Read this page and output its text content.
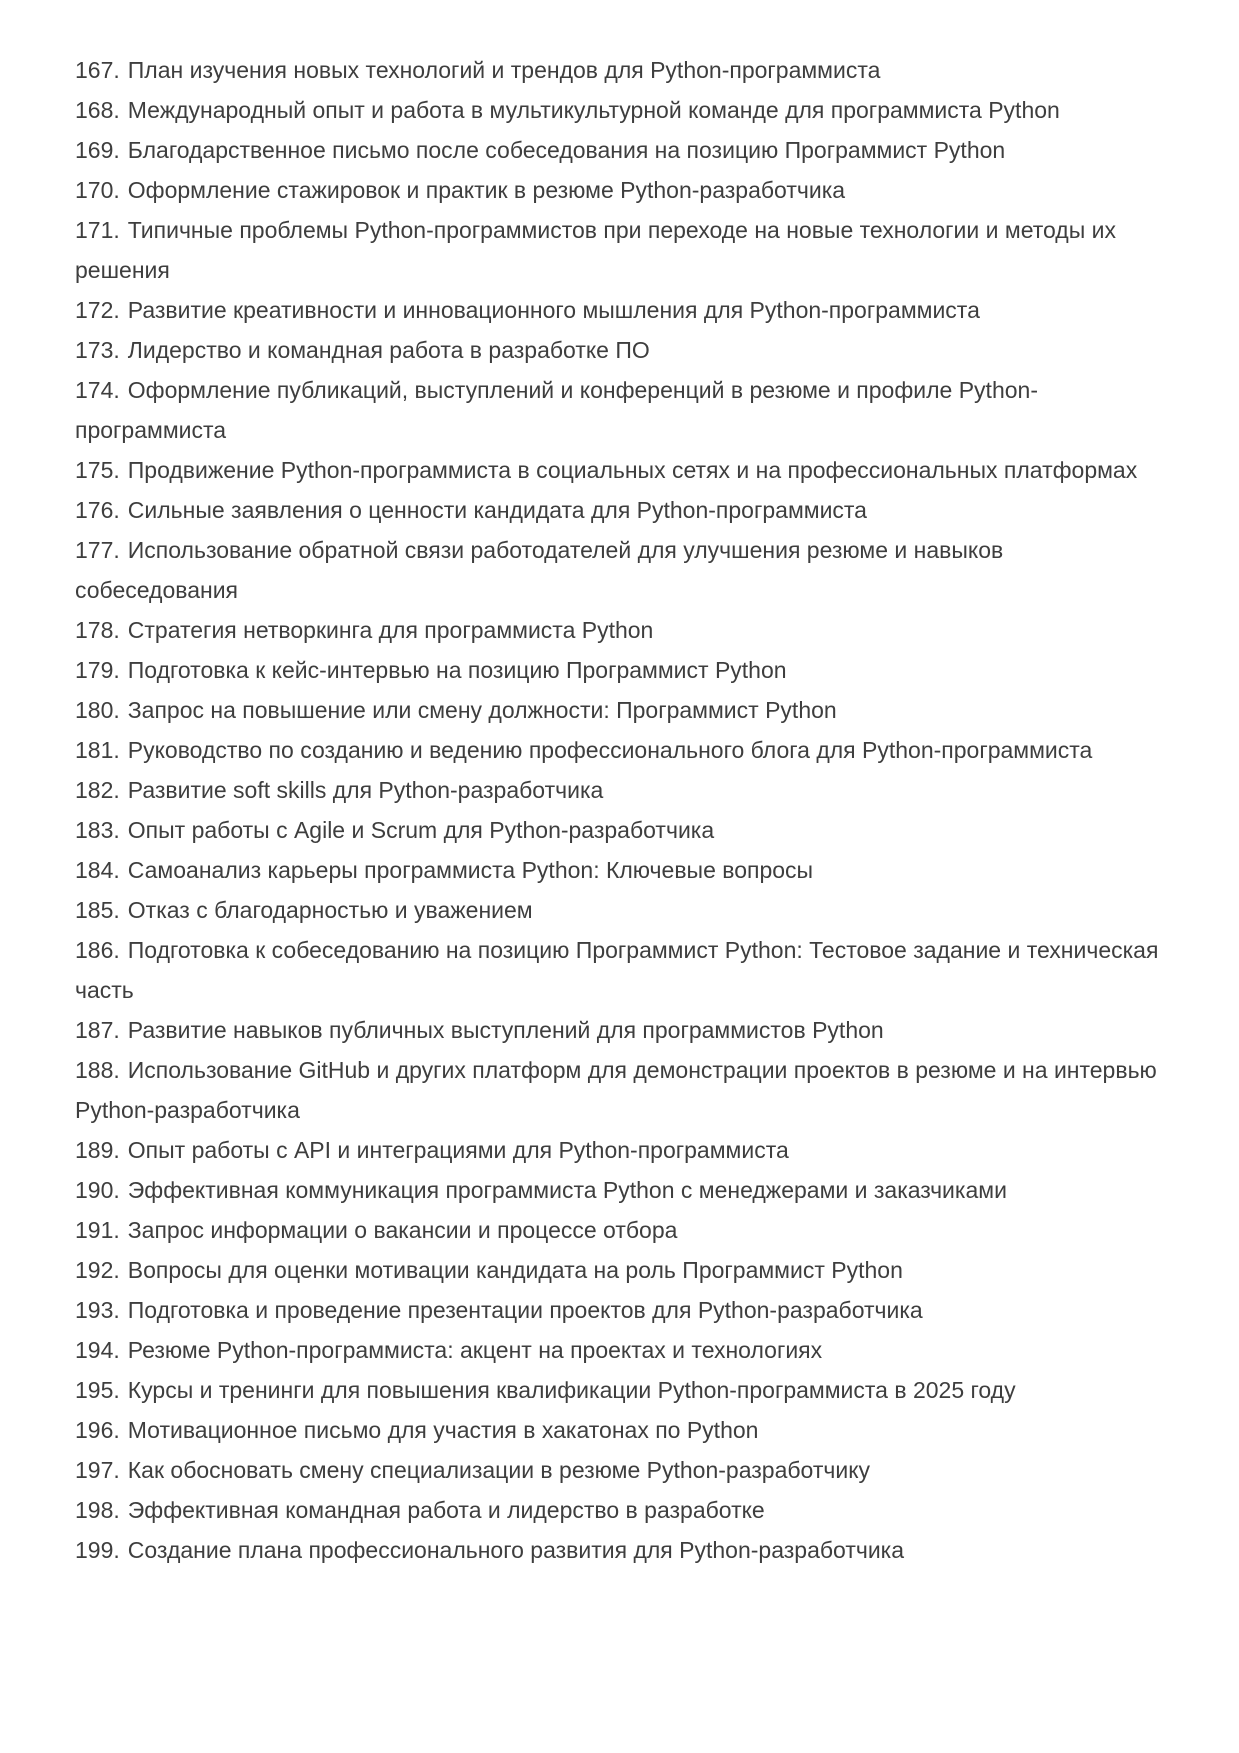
167. План изучения новых технологий и трендов для Python-программиста

168. Международный опыт и работа в мультикультурной команде для программиста Python

169. Благодарственное письмо после собеседования на позицию Программист Python

170. Оформление стажировок и практик в резюме Python-разработчика

171. Типичные проблемы Python-программистов при переходе на новые технологии и методы их решения

172. Развитие креативности и инновационного мышления для Python-программиста

173. Лидерство и командная работа в разработке ПО

174. Оформление публикаций, выступлений и конференций в резюме и профиле Python-программиста

175. Продвижение Python-программиста в социальных сетях и на профессиональных платформах

176. Сильные заявления о ценности кандидата для Python-программиста

177. Использование обратной связи работодателей для улучшения резюме и навыков собеседования

178. Стратегия нетворкинга для программиста Python

179. Подготовка к кейс-интервью на позицию Программист Python

180. Запрос на повышение или смену должности: Программист Python

181. Руководство по созданию и ведению профессионального блога для Python-программиста

182. Развитие soft skills для Python-разработчика

183. Опыт работы с Agile и Scrum для Python-разработчика

184. Самоанализ карьеры программиста Python: Ключевые вопросы

185. Отказ с благодарностью и уважением

186. Подготовка к собеседованию на позицию Программист Python: Тестовое задание и техническая часть

187. Развитие навыков публичных выступлений для программистов Python

188. Использование GitHub и других платформ для демонстрации проектов в резюме и на интервью Python-разработчика

189. Опыт работы с API и интеграциями для Python-программиста

190. Эффективная коммуникация программиста Python с менеджерами и заказчиками

191. Запрос информации о вакансии и процессе отбора

192. Вопросы для оценки мотивации кандидата на роль Программист Python

193. Подготовка и проведение презентации проектов для Python-разработчика

194. Резюме Python-программиста: акцент на проектах и технологиях

195. Курсы и тренинги для повышения квалификации Python-программиста в 2025 году

196. Мотивационное письмо для участия в хакатонах по Python

197. Как обосновать смену специализации в резюме Python-разработчику

198. Эффективная командная работа и лидерство в разработке

199. Создание плана профессионального развития для Python-разработчика
